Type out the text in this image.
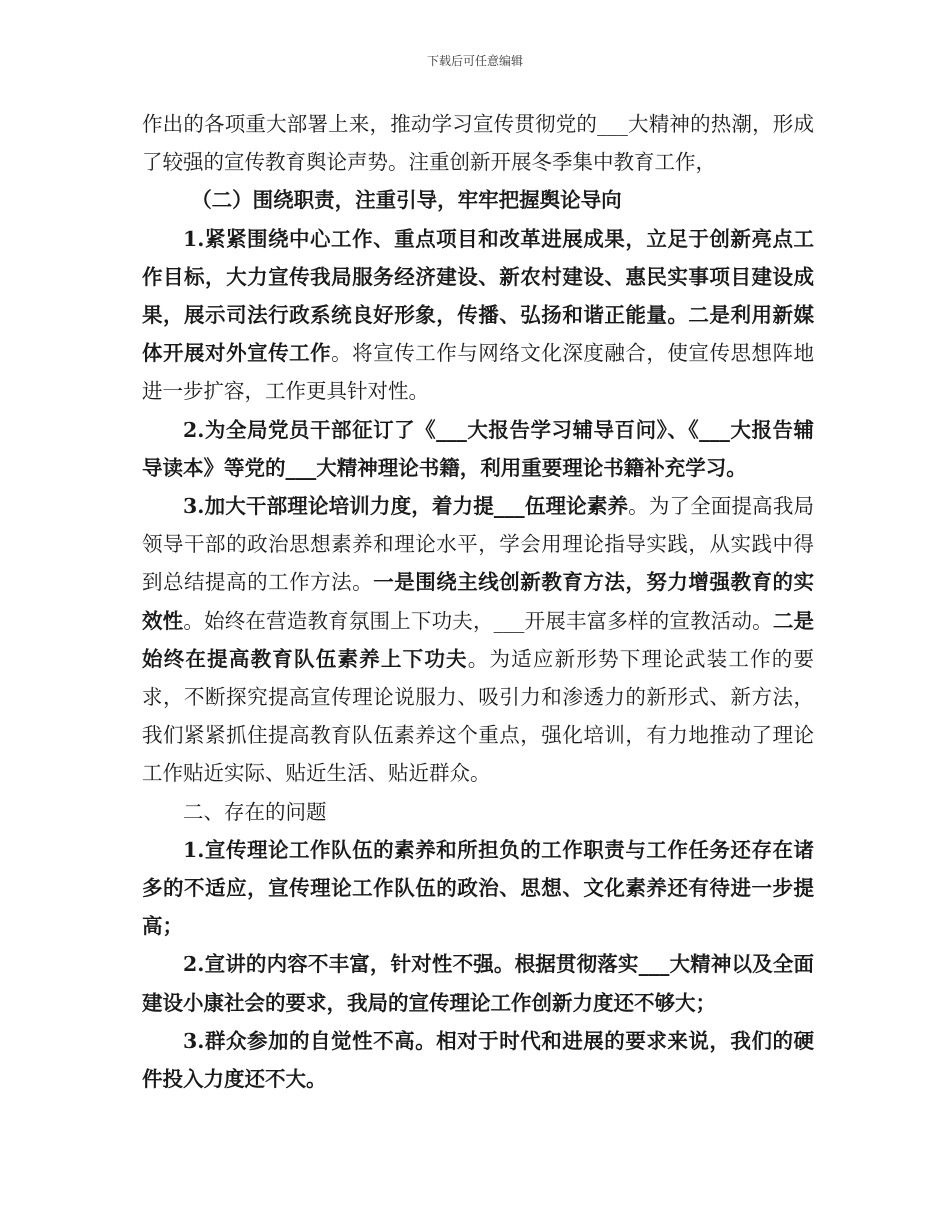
下载后可任意编辑

作出的各项重大部署上来，推动学习宣传贯彻党的___大精神的热潮，形成了较强的宣传教育舆论声势。注重创新开展冬季集中教育工作，

（二）围绕职责，注重引导，牢牢把握舆论导向

1.紧紧围绕中心工作、重点项目和改革进展成果，立足于创新亮点工作目标，大力宣传我局服务经济建设、新农村建设、惠民实事项目建设成果，展示司法行政系统良好形象，传播、弘扬和谐正能量。二是利用新媒体开展对外宣传工作。将宣传工作与网络文化深度融合，使宣传思想阵地进一步扩容，工作更具针对性。

2.为全局党员干部征订了《___大报告学习辅导百问》、《___大报告辅导读本》等党的___大精神理论书籍，利用重要理论书籍补充学习。

3.加大干部理论培训力度，着力提___伍理论素养。为了全面提高我局领导干部的政治思想素养和理论水平，学会用理论指导实践，从实践中得到总结提高的工作方法。一是围绕主线创新教育方法，努力增强教育的实效性。始终在营造教育氛围上下功夫，___开展丰富多样的宣教活动。二是始终在提高教育队伍素养上下功夫。为适应新形势下理论武装工作的要求，不断探究提高宣传理论说服力、吸引力和渗透力的新形式、新方法，我们紧紧抓住提高教育队伍素养这个重点，强化培训，有力地推动了理论工作贴近实际、贴近生活、贴近群众。

二、存在的问题

1.宣传理论工作队伍的素养和所担负的工作职责与工作任务还存在诸多的不适应，宣传理论工作队伍的政治、思想、文化素养还有待进一步提高；

2.宣讲的内容不丰富，针对性不强。根据贯彻落实___大精神以及全面建设小康社会的要求，我局的宣传理论工作创新力度还不够大；

3.群众参加的自觉性不高。相对于时代和进展的要求来说，我们的硬件投入力度还不大。
